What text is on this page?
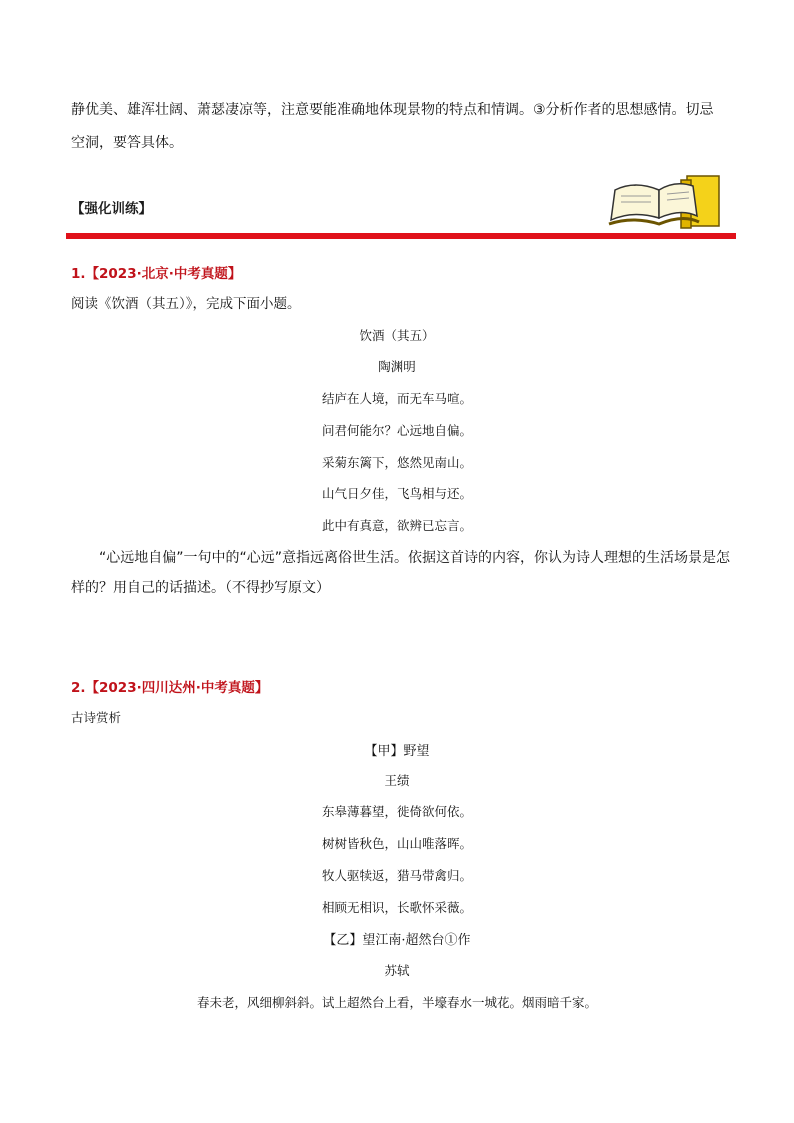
静优美、雄浑壮阔、萧瑟凄凉等，注意要能准确地体现景物的特点和情调。③分析作者的思想感情。切忌

空洞，要答具体。

【强化训练】
1.【2023·北京·中考真题】
阅读《饮酒（其五）》，完成下面小题。
饮酒（其五）
陶渊明
结庐在人境，而无车马喧。
问君何能尔？心远地自偏。
采菊东篱下，悠然见南山。
山气日夕佳，飞鸟相与还。
此中有真意，欲辨已忘言。

“心远地自偏”一句中的“心远”意指远离俗世生活。依据这首诗的内容，你认为诗人理想的生活场景是怎

样的？用自己的话描述。（不得抄写原文）

2.【2023·四川达州·中考真题】
古诗赏析
【甲】野望
王绩
东皋薄暮望，徙倚欲何依。
树树皆秋色，山山唯落晖。
牧人驱犊返，猎马带禽归。
相顾无相识，长歌怀采薇。
【乙】望江南·超然台①作
苏轼
春未老，风细柳斜斜。试上超然台上看，半壕春水一城花。烟雨暗千家。
